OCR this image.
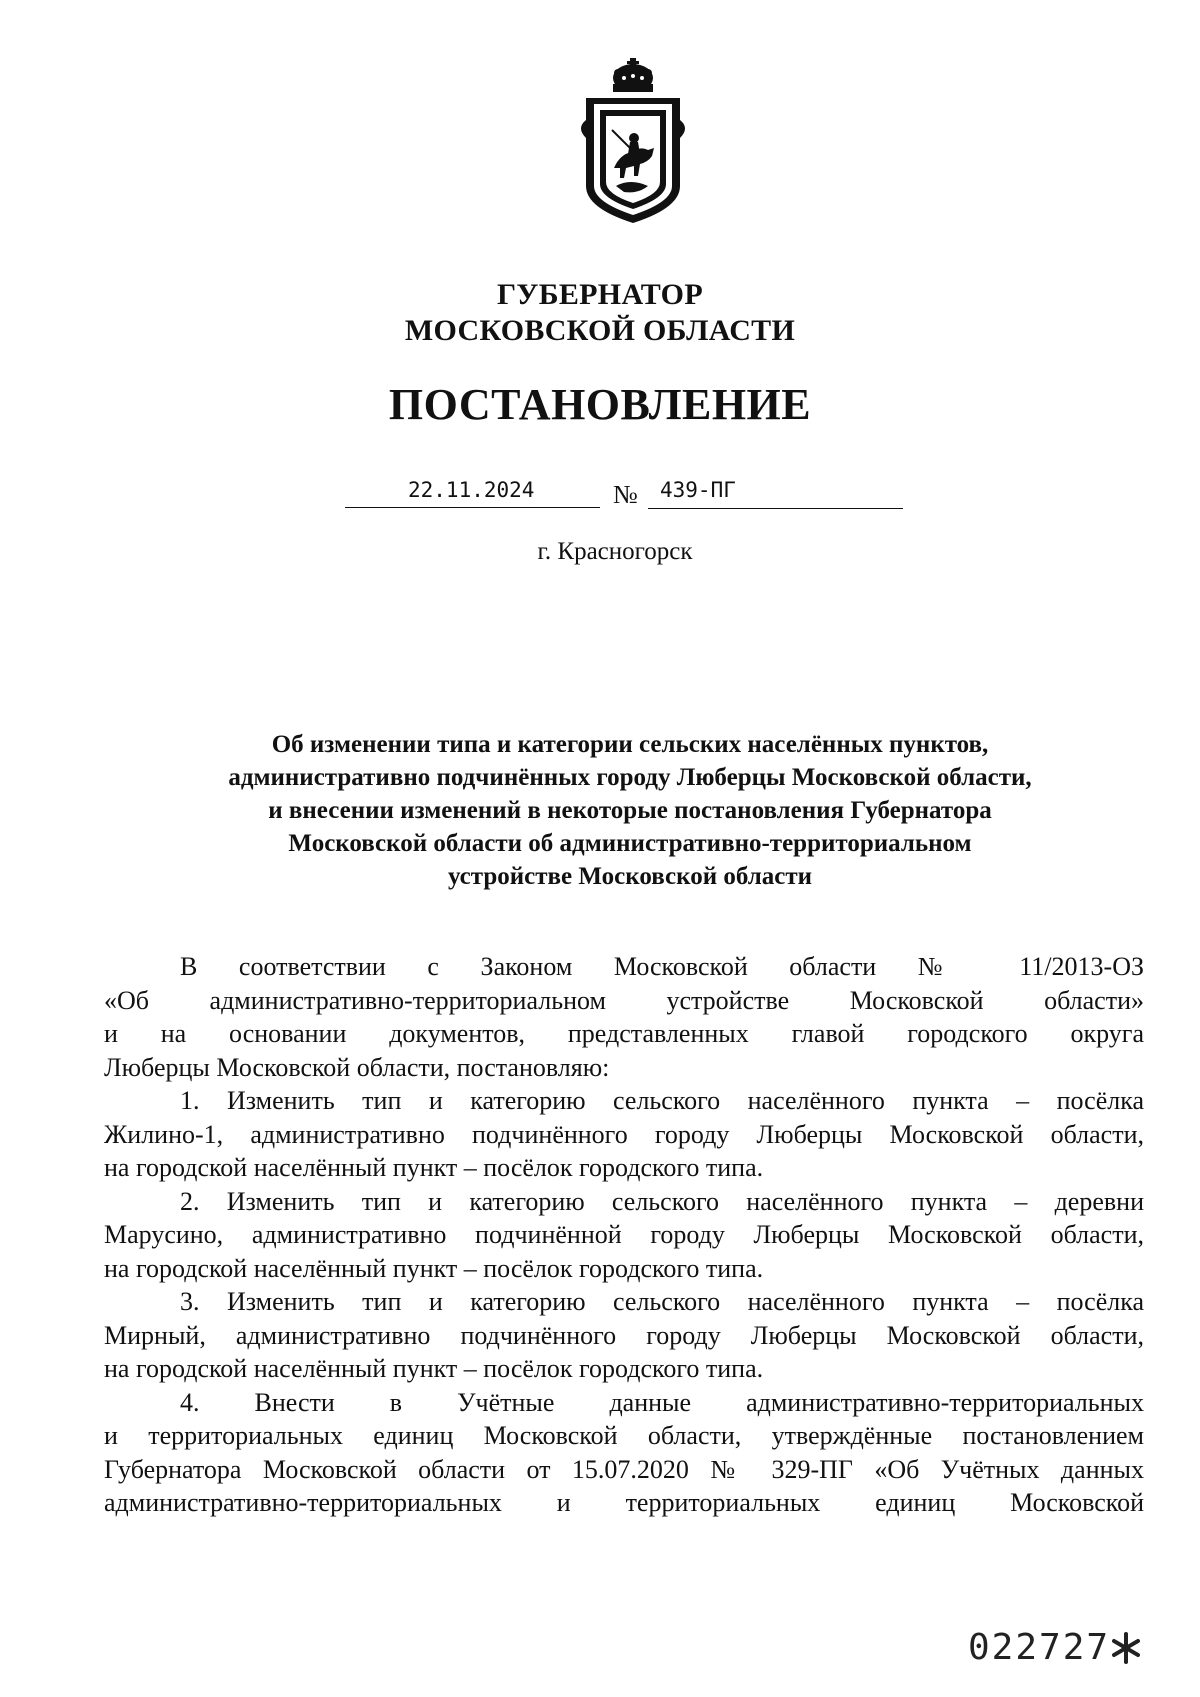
ГУБЕРНАТОР
МОСКОВСКОЙ ОБЛАСТИ
ПОСТАНОВЛЕНИЕ
22.11.2024	№ 439-ПГ
г. Красногорск
Об изменении типа и категории сельских населённых пунктов,
административно подчинённых городу Люберцы Московской области,
и внесении изменений в некоторые постановления Губернатора
Московской области об административно-территориальном
устройстве Московской области

В соответствии с Законом Московской области № 11/2013-ОЗ
«Об административно-территориальном устройстве Московской области»
и на основании документов, представленных главой городского округа
Люберцы Московской области, постановляю:

1. Изменить тип и категорию сельского населённого пункта – посёлка
Жилино-1, административно подчинённого городу Люберцы Московской области,
на городской населённый пункт – посёлок городского типа.

2. Изменить тип и категорию сельского населённого пункта – деревни
Марусино, административно подчинённой городу Люберцы Московской области,
на городской населённый пункт – посёлок городского типа.

3. Изменить тип и категорию сельского населённого пункта – посёлка
Мирный, административно подчинённого городу Люберцы Московской области,
на городской населённый пункт – посёлок городского типа.

4. Внести в Учётные данные административно-территориальных
и территориальных единиц Московской области, утверждённые постановлением
Губернатора Московской области от 15.07.2020 № 329-ПГ «Об Учётных данных
административно-территориальных и территориальных единиц Московской

022727
